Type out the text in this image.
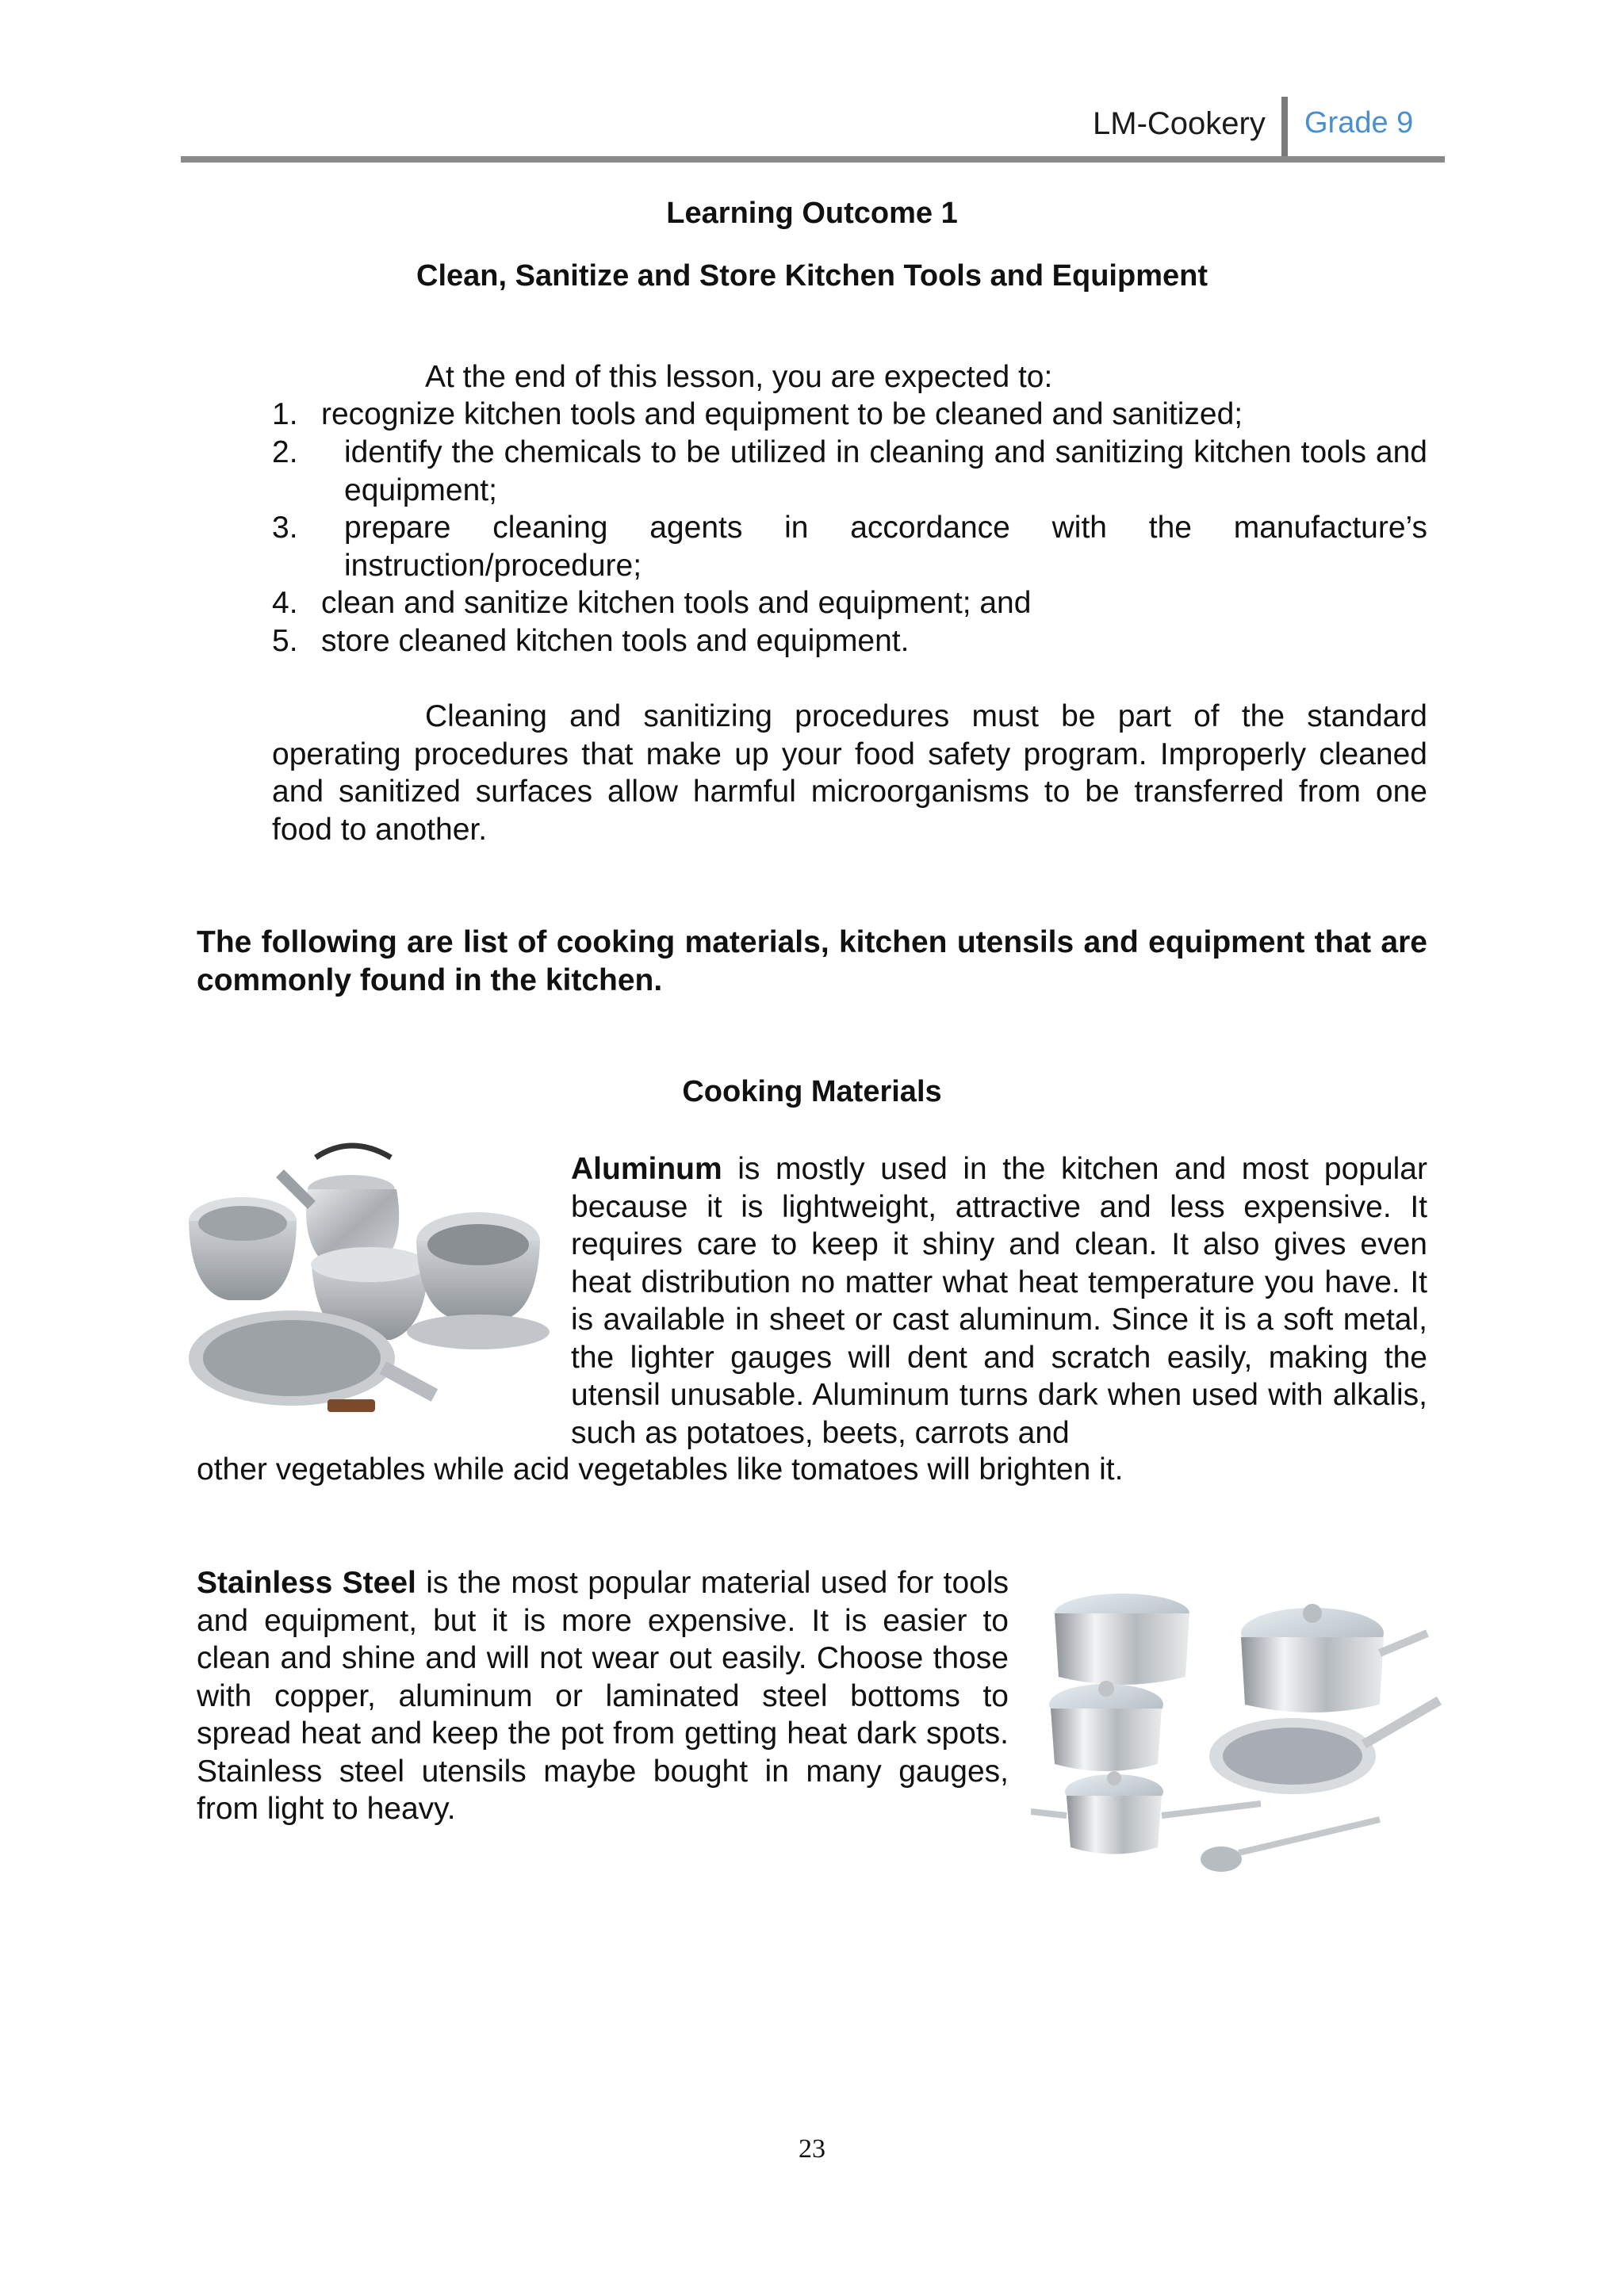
LM-Cookery Grade 9
Learning Outcome 1
Clean, Sanitize and Store Kitchen Tools and Equipment
At the end of this lesson, you are expected to:
1. recognize kitchen tools and equipment to be cleaned and sanitized;
2. identify the chemicals to be utilized in cleaning and sanitizing kitchen tools and equipment;
3. prepare cleaning agents in accordance with the manufacture’s instruction/procedure;
4. clean and sanitize kitchen tools and equipment; and
5. store cleaned kitchen tools and equipment.
Cleaning and sanitizing procedures must be part of the standard operating procedures that make up your food safety program. Improperly cleaned and sanitized surfaces allow harmful microorganisms to be transferred from one food to another.
The following are list of cooking materials, kitchen utensils and equipment that are commonly found in the kitchen.
Cooking Materials
Aluminum is mostly used in the kitchen and most popular because it is lightweight, attractive and less expensive. It requires care to keep it shiny and clean. It also gives even heat distribution no matter what heat temperature you have. It is available in sheet or cast aluminum. Since it is a soft metal, the lighter gauges will dent and scratch easily, making the utensil unusable. Aluminum turns dark when used with alkalis, such as potatoes, beets, carrots and
other vegetables while acid vegetables like tomatoes will brighten it.
Stainless Steel is the most popular material used for tools and equipment, but it is more expensive. It is easier to clean and shine and will not wear out easily. Choose those with copper, aluminum or laminated steel bottoms to spread heat and keep the pot from getting heat dark spots. Stainless steel utensils maybe bought in many gauges, from light to heavy.
23
